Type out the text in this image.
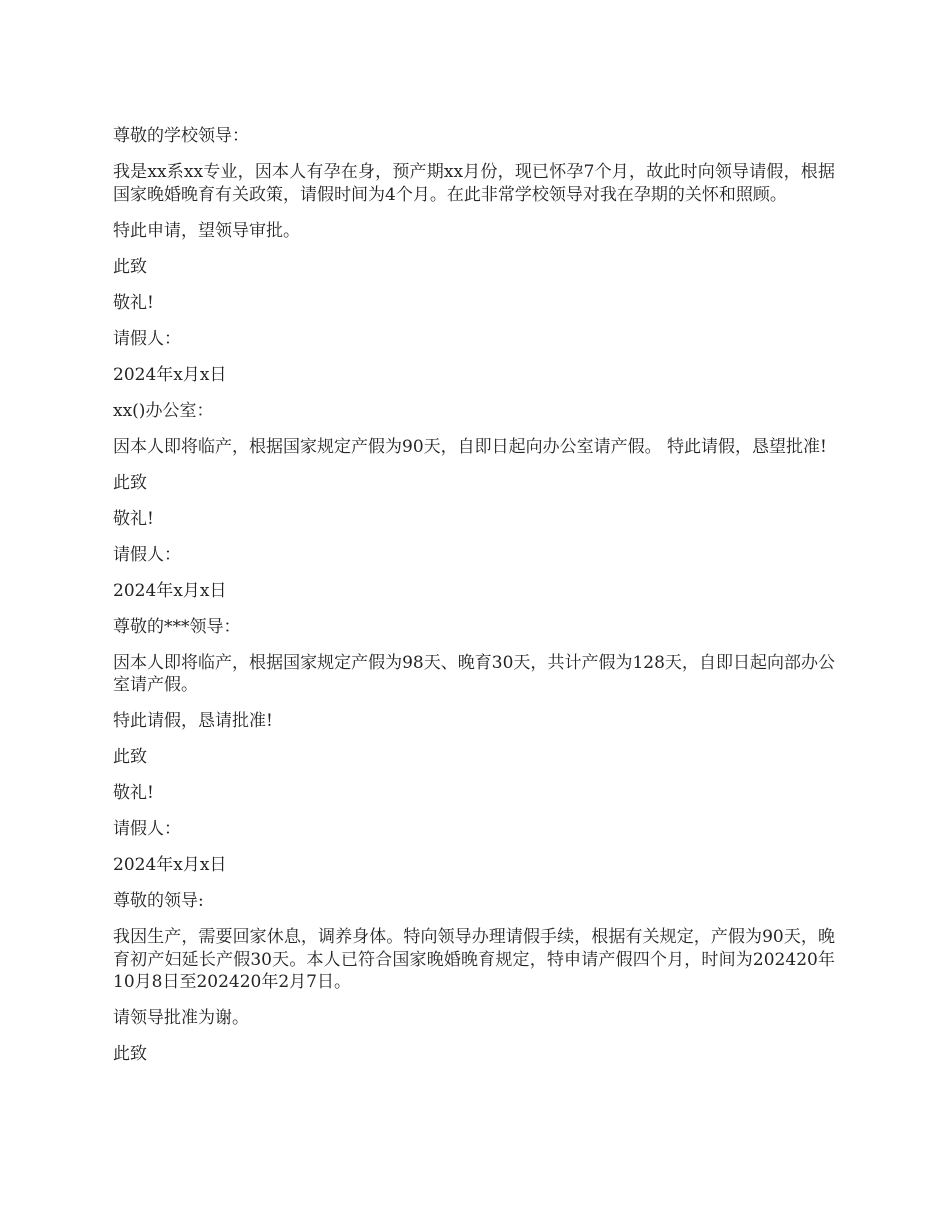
尊敬的学校领导：

我是xx系xx专业，因本人有孕在身，预产期xx月份，现已怀孕7个月，故此时向领导请假，根据国家晚婚晚育有关政策，请假时间为4个月。在此非常学校领导对我在孕期的关怀和照顾。

特此申请，望领导审批。

此致

敬礼!

请假人：

2024年x月x日

xx()办公室：

因本人即将临产，根据国家规定产假为90天，自即日起向办公室请产假。 特此请假，恳望批准!

此致

敬礼!

请假人：

2024年x月x日

尊敬的***领导：

因本人即将临产，根据国家规定产假为98天、晚育30天，共计产假为128天，自即日起向部办公室请产假。

特此请假，恳请批准!

此致

敬礼!

请假人：

2024年x月x日

尊敬的领导:

我因生产，需要回家休息，调养身体。特向领导办理请假手续，根据有关规定，产假为90天，晚育初产妇延长产假30天。本人已符合国家晚婚晚育规定，特申请产假四个月，时间为202420年10月8日至202420年2月7日。

请领导批准为谢。

此致
